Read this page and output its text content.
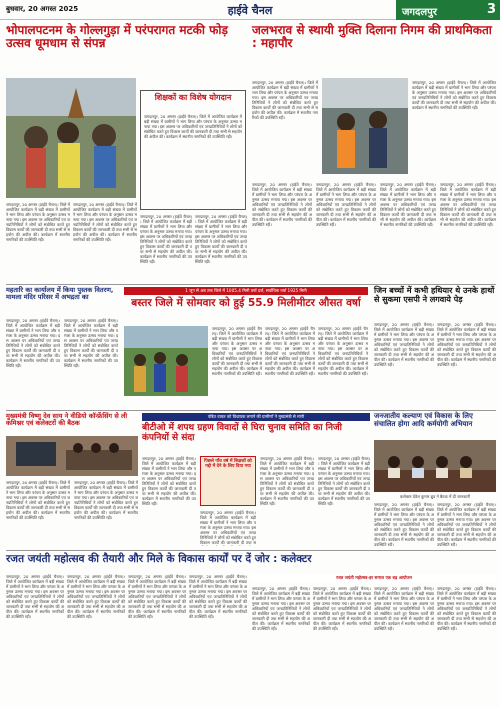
बुधवार, 20 अगस्त 2025	हाईवे चैनल	जगदलपुर	3
भोपालपटनम के गोल्लगुड़ा में परंपरागत मटकी फोड़ उत्सव धूमधाम से संपन्न
जगदलपुर, 20 अगस्त (हाईवे चैनल)। जिले में आयोजित कार्यक्रम में बड़ी संख्या में ग्रामीणों ने भाग लिया और परंपरा के अनुसार उत्सव मनाया गया। इस अवसर पर अधिकारियों एवं जनप्रतिनिधियों ने लोगों को संबोधित करते हुए विकास कार्यों की जानकारी दी तथा सभी से सहयोग की अपील की। कार्यक्रम में स्थानीय नागरिकों की उपस्थिति रही।
जगदलपुर, 20 अगस्त (हाईवे चैनल)। जिले में आयोजित कार्यक्रम में बड़ी संख्या में ग्रामीणों ने भाग लिया और परंपरा के अनुसार उत्सव मनाया गया। इस अवसर पर अधिकारियों एवं जनप्रतिनिधियों ने लोगों को संबोधित करते हुए विकास कार्यों की जानकारी दी तथा सभी से सहयोग की अपील की। कार्यक्रम में स्थानीय नागरिकों की उपस्थिति रही।
शिक्षकों का विशेष योगदान
जगदलपुर, 20 अगस्त (हाईवे चैनल)। जिले में आयोजित कार्यक्रम में बड़ी संख्या में ग्रामीणों ने भाग लिया और परंपरा के अनुसार उत्सव मनाया गया। इस अवसर पर अधिकारियों एवं जनप्रतिनिधियों ने लोगों को संबोधित करते हुए विकास कार्यों की जानकारी दी तथा सभी से सहयोग की अपील की। कार्यक्रम में स्थानीय नागरिकों की उपस्थिति रही।
जगदलपुर, 20 अगस्त (हाईवे चैनल)। जिले में आयोजित कार्यक्रम में बड़ी संख्या में ग्रामीणों ने भाग लिया और परंपरा के अनुसार उत्सव मनाया गया। इस अवसर पर अधिकारियों एवं जनप्रतिनिधियों ने लोगों को संबोधित करते हुए विकास कार्यों की जानकारी दी तथा सभी से सहयोग की अपील की। कार्यक्रम में स्थानीय नागरिकों की उपस्थिति रही।
जगदलपुर, 20 अगस्त (हाईवे चैनल)। जिले में आयोजित कार्यक्रम में बड़ी संख्या में ग्रामीणों ने भाग लिया और परंपरा के अनुसार उत्सव मनाया गया। इस अवसर पर अधिकारियों एवं जनप्रतिनिधियों ने लोगों को संबोधित करते हुए विकास कार्यों की जानकारी दी तथा सभी से सहयोग की अपील की। कार्यक्रम में स्थानीय नागरिकों की उपस्थिति रही।
जलभराव से स्थायी मुक्ति दिलाना निगम की प्राथमिकता : महापौर
जगदलपुर, 20 अगस्त (हाईवे चैनल)। जिले में आयोजित कार्यक्रम में बड़ी संख्या में ग्रामीणों ने भाग लिया और परंपरा के अनुसार उत्सव मनाया गया। इस अवसर पर अधिकारियों एवं जनप्रतिनिधियों ने लोगों को संबोधित करते हुए विकास कार्यों की जानकारी दी तथा सभी से सहयोग की अपील की। कार्यक्रम में स्थानीय नागरिकों की उपस्थिति रही।
जगदलपुर, 20 अगस्त (हाईवे चैनल)। जिले में आयोजित कार्यक्रम में बड़ी संख्या में ग्रामीणों ने भाग लिया और परंपरा के अनुसार उत्सव मनाया गया। इस अवसर पर अधिकारियों एवं जनप्रतिनिधियों ने लोगों को संबोधित करते हुए विकास कार्यों की जानकारी दी तथा सभी से सहयोग की अपील की। कार्यक्रम में स्थानीय नागरिकों की उपस्थिति रही।
जगदलपुर, 20 अगस्त (हाईवे चैनल)। जिले में आयोजित कार्यक्रम में बड़ी संख्या में ग्रामीणों ने भाग लिया और परंपरा के अनुसार उत्सव मनाया गया। इस अवसर पर अधिकारियों एवं जनप्रतिनिधियों ने लोगों को संबोधित करते हुए विकास कार्यों की जानकारी दी तथा सभी से सहयोग की अपील की। कार्यक्रम में स्थानीय नागरिकों की उपस्थिति रही।
जगदलपुर, 20 अगस्त (हाईवे चैनल)। जिले में आयोजित कार्यक्रम में बड़ी संख्या में ग्रामीणों ने भाग लिया और परंपरा के अनुसार उत्सव मनाया गया। इस अवसर पर अधिकारियों एवं जनप्रतिनिधियों ने लोगों को संबोधित करते हुए विकास कार्यों की जानकारी दी तथा सभी से सहयोग की अपील की। कार्यक्रम में स्थानीय नागरिकों की उपस्थिति रही।
जगदलपुर, 20 अगस्त (हाईवे चैनल)। जिले में आयोजित कार्यक्रम में बड़ी संख्या में ग्रामीणों ने भाग लिया और परंपरा के अनुसार उत्सव मनाया गया। इस अवसर पर अधिकारियों एवं जनप्रतिनिधियों ने लोगों को संबोधित करते हुए विकास कार्यों की जानकारी दी तथा सभी से सहयोग की अपील की। कार्यक्रम में स्थानीय नागरिकों की उपस्थिति रही।
जगदलपुर, 20 अगस्त (हाईवे चैनल)। जिले में आयोजित कार्यक्रम में बड़ी संख्या में ग्रामीणों ने भाग लिया और परंपरा के अनुसार उत्सव मनाया गया। इस अवसर पर अधिकारियों एवं जनप्रतिनिधियों ने लोगों को संबोधित करते हुए विकास कार्यों की जानकारी दी तथा सभी से सहयोग की अपील की। कार्यक्रम में स्थानीय नागरिकों की उपस्थिति रही।
महतारि का कार्यालय में किया पुस्तक वितरण, मामला मंदिर परिसर में अभद्रता का
जगदलपुर, 20 अगस्त (हाईवे चैनल)। जिले में आयोजित कार्यक्रम में बड़ी संख्या में ग्रामीणों ने भाग लिया और परंपरा के अनुसार उत्सव मनाया गया। इस अवसर पर अधिकारियों एवं जनप्रतिनिधियों ने लोगों को संबोधित करते हुए विकास कार्यों की जानकारी दी तथा सभी से सहयोग की अपील की। कार्यक्रम में स्थानीय नागरिकों की उपस्थिति रही।
जगदलपुर, 20 अगस्त (हाईवे चैनल)। जिले में आयोजित कार्यक्रम में बड़ी संख्या में ग्रामीणों ने भाग लिया और परंपरा के अनुसार उत्सव मनाया गया। इस अवसर पर अधिकारियों एवं जनप्रतिनिधियों ने लोगों को संबोधित करते हुए विकास कार्यों की जानकारी दी तथा सभी से सहयोग की अपील की। कार्यक्रम में स्थानीय नागरिकों की उपस्थिति रही।
1 जून से अब तक जिले में 1005.4 मिमी वर्षा दर्ज, सर्वाधिक वर्षा 1925 मिमी
बस्तर जिले में सोमवार को हुई 55.9 मिलीमीटर औसत वर्षा
जगदलपुर, 20 अगस्त (हाईवे चैनल)। जिले में आयोजित कार्यक्रम में बड़ी संख्या में ग्रामीणों ने भाग लिया और परंपरा के अनुसार उत्सव मनाया गया। इस अवसर पर अधिकारियों एवं जनप्रतिनिधियों ने लोगों को संबोधित करते हुए विकास कार्यों की जानकारी दी तथा सभी से सहयोग की अपील की। कार्यक्रम में स्थानीय नागरिकों की उपस्थिति रही।
जगदलपुर, 20 अगस्त (हाईवे चैनल)। जिले में आयोजित कार्यक्रम में बड़ी संख्या में ग्रामीणों ने भाग लिया और परंपरा के अनुसार उत्सव मनाया गया। इस अवसर पर अधिकारियों एवं जनप्रतिनिधियों ने लोगों को संबोधित करते हुए विकास कार्यों की जानकारी दी तथा सभी से सहयोग की अपील की। कार्यक्रम में स्थानीय नागरिकों की उपस्थिति रही।
जगदलपुर, 20 अगस्त (हाईवे चैनल)। जिले में आयोजित कार्यक्रम में बड़ी संख्या में ग्रामीणों ने भाग लिया और परंपरा के अनुसार उत्सव मनाया गया। इस अवसर पर अधिकारियों एवं जनप्रतिनिधियों ने लोगों को संबोधित करते हुए विकास कार्यों की जानकारी दी तथा सभी से सहयोग की अपील की। कार्यक्रम में स्थानीय नागरिकों की उपस्थिति रही।
जिन बच्चों में कभी हथियार थे उनके हाथों से सुकमा एसपी ने लगवाये पेड़
जगदलपुर, 20 अगस्त (हाईवे चैनल)। जिले में आयोजित कार्यक्रम में बड़ी संख्या में ग्रामीणों ने भाग लिया और परंपरा के अनुसार उत्सव मनाया गया। इस अवसर पर अधिकारियों एवं जनप्रतिनिधियों ने लोगों को संबोधित करते हुए विकास कार्यों की जानकारी दी तथा सभी से सहयोग की अपील की। कार्यक्रम में स्थानीय नागरिकों की उपस्थिति रही।
जगदलपुर, 20 अगस्त (हाईवे चैनल)। जिले में आयोजित कार्यक्रम में बड़ी संख्या में ग्रामीणों ने भाग लिया और परंपरा के अनुसार उत्सव मनाया गया। इस अवसर पर अधिकारियों एवं जनप्रतिनिधियों ने लोगों को संबोधित करते हुए विकास कार्यों की जानकारी दी तथा सभी से सहयोग की अपील की। कार्यक्रम में स्थानीय नागरिकों की उपस्थिति रही।
मुख्यमंत्री विष्णु देव साय ने वीडियो कॉन्फ्रेंसिंग से ली कमिश्नर एवं कलेक्टरों की बैठक
जगदलपुर, 20 अगस्त (हाईवे चैनल)। जिले में आयोजित कार्यक्रम में बड़ी संख्या में ग्रामीणों ने भाग लिया और परंपरा के अनुसार उत्सव मनाया गया। इस अवसर पर अधिकारियों एवं जनप्रतिनिधियों ने लोगों को संबोधित करते हुए विकास कार्यों की जानकारी दी तथा सभी से सहयोग की अपील की। कार्यक्रम में स्थानीय नागरिकों की उपस्थिति रही।
जगदलपुर, 20 अगस्त (हाईवे चैनल)। जिले में आयोजित कार्यक्रम में बड़ी संख्या में ग्रामीणों ने भाग लिया और परंपरा के अनुसार उत्सव मनाया गया। इस अवसर पर अधिकारियों एवं जनप्रतिनिधियों ने लोगों को संबोधित करते हुए विकास कार्यों की जानकारी दी तथा सभी से सहयोग की अपील की। कार्यक्रम में स्थानीय नागरिकों की उपस्थिति रही।
पंडित वाकर को विधायक लगाने की ग्रामीणों ने मुख्यमंत्री से मांगी
बीटीओ में शपथ ग्रहण विवादों से घिरा चुनाव समिति का निजी कंपनियों से संदा
जगदलपुर, 20 अगस्त (हाईवे चैनल)। जिले में आयोजित कार्यक्रम में बड़ी संख्या में ग्रामीणों ने भाग लिया और परंपरा के अनुसार उत्सव मनाया गया। इस अवसर पर अधिकारियों एवं जनप्रतिनिधियों ने लोगों को संबोधित करते हुए विकास कार्यों की जानकारी दी तथा सभी से सहयोग की अपील की। कार्यक्रम में स्थानीय नागरिकों की उपस्थिति रही।
पिछले पाँच वर्ष में शिक्षकों को गद्दी में देने के लिए दिया गया
जगदलपुर, 20 अगस्त (हाईवे चैनल)। जिले में आयोजित कार्यक्रम में बड़ी संख्या में ग्रामीणों ने भाग लिया और परंपरा के अनुसार उत्सव मनाया गया। इस अवसर पर अधिकारियों एवं जनप्रतिनिधियों ने लोगों को संबोधित करते हुए विकास कार्यों की जानकारी दी तथा स
जगदलपुर, 20 अगस्त (हाईवे चैनल)। जिले में आयोजित कार्यक्रम में बड़ी संख्या में ग्रामीणों ने भाग लिया और परंपरा के अनुसार उत्सव मनाया गया। इस अवसर पर अधिकारियों एवं जनप्रतिनिधियों ने लोगों को संबोधित करते हुए विकास कार्यों की जानकारी दी तथा सभी से सहयोग की अपील की। कार्यक्रम में स्थानीय नागरिकों की उपस्थिति रही।
जगदलपुर, 20 अगस्त (हाईवे चैनल)। जिले में आयोजित कार्यक्रम में बड़ी संख्या में ग्रामीणों ने भाग लिया और परंपरा के अनुसार उत्सव मनाया गया। इस अवसर पर अधिकारियों एवं जनप्रतिनिधियों ने लोगों को संबोधित करते हुए विकास कार्यों की जानकारी दी तथा सभी से सहयोग की अपील की। कार्यक्रम में स्थानीय नागरिकों की उपस्थिति रही।
जनजातीय कल्याण एवं विकास के लिए संचालित होगा आदि कर्मयोगी अभियान
कलेक्टर देवेश कुमार ध्रुव ने बैठक में दी जानकारी
जगदलपुर, 20 अगस्त (हाईवे चैनल)। जिले में आयोजित कार्यक्रम में बड़ी संख्या में ग्रामीणों ने भाग लिया और परंपरा के अनुसार उत्सव मनाया गया। इस अवसर पर अधिकारियों एवं जनप्रतिनिधियों ने लोगों को संबोधित करते हुए विकास कार्यों की जानकारी दी तथा सभी से सहयोग की अपील की। कार्यक्रम में स्थानीय नागरिकों की उपस्थिति रही।
जगदलपुर, 20 अगस्त (हाईवे चैनल)। जिले में आयोजित कार्यक्रम में बड़ी संख्या में ग्रामीणों ने भाग लिया और परंपरा के अनुसार उत्सव मनाया गया। इस अवसर पर अधिकारियों एवं जनप्रतिनिधियों ने लोगों को संबोधित करते हुए विकास कार्यों की जानकारी दी तथा सभी से सहयोग की अपील की। कार्यक्रम में स्थानीय नागरिकों की उपस्थिति रही।
रजत जयंती महोत्सव की तैयारी और मिले के विकास कार्यों पर दें जोर : कलेक्टर
जगदलपुर, 20 अगस्त (हाईवे चैनल)। जिले में आयोजित कार्यक्रम में बड़ी संख्या में ग्रामीणों ने भाग लिया और परंपरा के अनुसार उत्सव मनाया गया। इस अवसर पर अधिकारियों एवं जनप्रतिनिधियों ने लोगों को संबोधित करते हुए विकास कार्यों की जानकारी दी तथा सभी से सहयोग की अपील की। कार्यक्रम में स्थानीय नागरिकों की उपस्थिति रही।
जगदलपुर, 20 अगस्त (हाईवे चैनल)। जिले में आयोजित कार्यक्रम में बड़ी संख्या में ग्रामीणों ने भाग लिया और परंपरा के अनुसार उत्सव मनाया गया। इस अवसर पर अधिकारियों एवं जनप्रतिनिधियों ने लोगों को संबोधित करते हुए विकास कार्यों की जानकारी दी तथा सभी से सहयोग की अपील की। कार्यक्रम में स्थानीय नागरिकों की उपस्थिति रही।
जगदलपुर, 20 अगस्त (हाईवे चैनल)। जिले में आयोजित कार्यक्रम में बड़ी संख्या में ग्रामीणों ने भाग लिया और परंपरा के अनुसार उत्सव मनाया गया। इस अवसर पर अधिकारियों एवं जनप्रतिनिधियों ने लोगों को संबोधित करते हुए विकास कार्यों की जानकारी दी तथा सभी से सहयोग की अपील की। कार्यक्रम में स्थानीय नागरिकों की उपस्थिति रही।
जगदलपुर, 20 अगस्त (हाईवे चैनल)। जिले में आयोजित कार्यक्रम में बड़ी संख्या में ग्रामीणों ने भाग लिया और परंपरा के अनुसार उत्सव मनाया गया। इस अवसर पर अधिकारियों एवं जनप्रतिनिधियों ने लोगों को संबोधित करते हुए विकास कार्यों की जानकारी दी तथा सभी से सहयोग की अपील की। कार्यक्रम में स्थानीय नागरिकों की उपस्थिति रही।
रजत जयंती महोत्सव-हर समाज एक बढ़ आयोजन
जगदलपुर, 20 अगस्त (हाईवे चैनल)। जिले में आयोजित कार्यक्रम में बड़ी संख्या में ग्रामीणों ने भाग लिया और परंपरा के अनुसार उत्सव मनाया गया। इस अवसर पर अधिकारियों एवं जनप्रतिनिधियों ने लोगों को संबोधित करते हुए विकास कार्यों की जानकारी दी तथा सभी से सहयोग की अपील की। कार्यक्रम में स्थानीय नागरिकों की उपस्थिति रही।
जगदलपुर, 20 अगस्त (हाईवे चैनल)। जिले में आयोजित कार्यक्रम में बड़ी संख्या में ग्रामीणों ने भाग लिया और परंपरा के अनुसार उत्सव मनाया गया। इस अवसर पर अधिकारियों एवं जनप्रतिनिधियों ने लोगों को संबोधित करते हुए विकास कार्यों की जानकारी दी तथा सभी से सहयोग की अपील की। कार्यक्रम में स्थानीय नागरिकों की उपस्थिति रही।
जगदलपुर, 20 अगस्त (हाईवे चैनल)। जिले में आयोजित कार्यक्रम में बड़ी संख्या में ग्रामीणों ने भाग लिया और परंपरा के अनुसार उत्सव मनाया गया। इस अवसर पर अधिकारियों एवं जनप्रतिनिधियों ने लोगों को संबोधित करते हुए विकास कार्यों की जानकारी दी तथा सभी से सहयोग की अपील की। कार्यक्रम में स्थानीय नागरिकों की उपस्थिति रही।
जगदलपुर, 20 अगस्त (हाईवे चैनल)। जिले में आयोजित कार्यक्रम में बड़ी संख्या में ग्रामीणों ने भाग लिया और परंपरा के अनुसार उत्सव मनाया गया। इस अवसर पर अधिकारियों एवं जनप्रतिनिधियों ने लोगों को संबोधित करते हुए विकास कार्यों की जानकारी दी तथा सभी से सहयोग की अपील की। कार्यक्रम में स्थानीय नागरिकों की उपस्थिति रही।
